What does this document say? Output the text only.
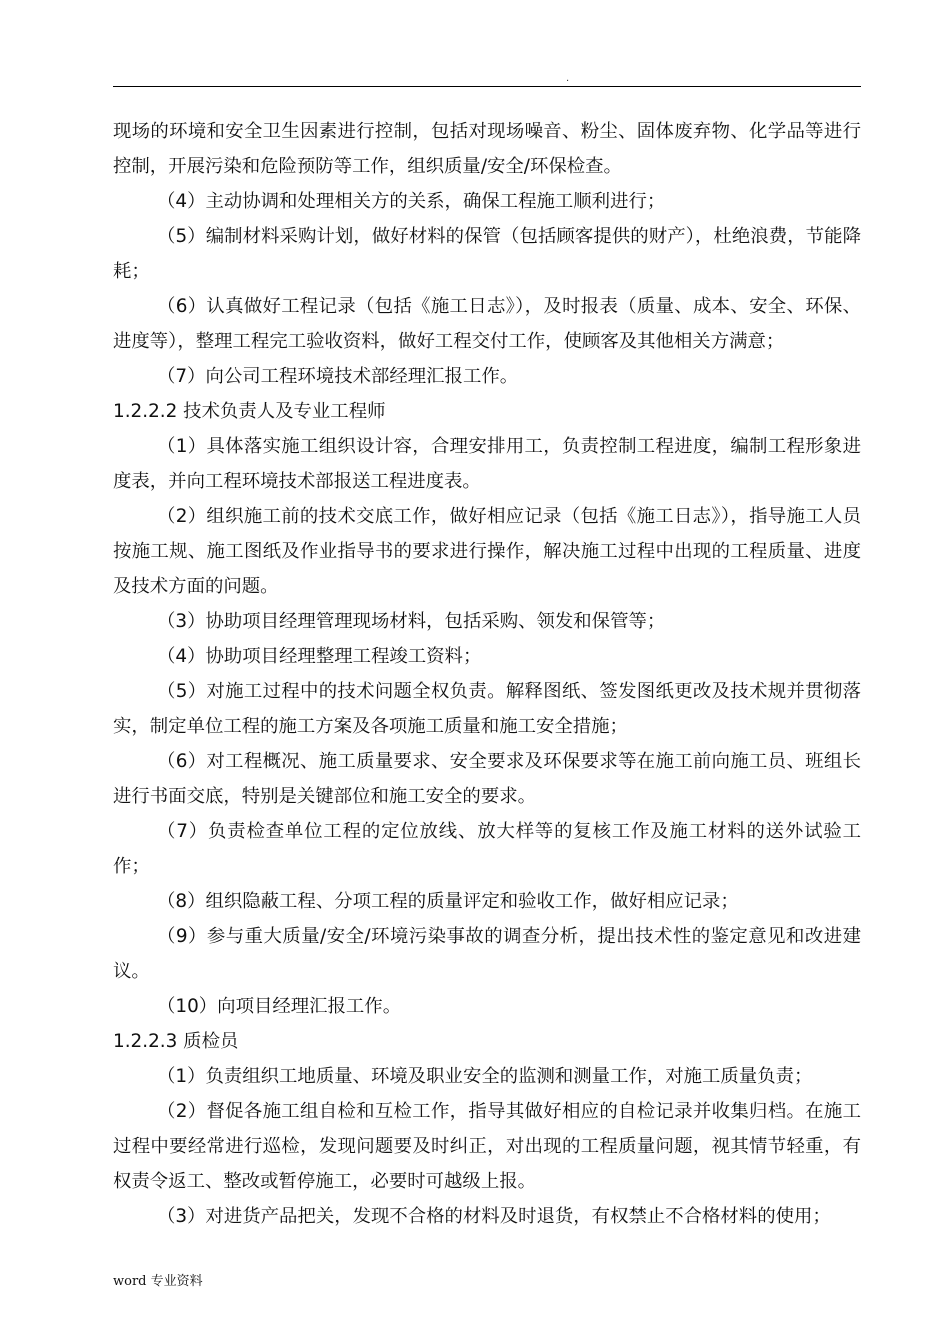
.
现场的环境和安全卫生因素进行控制，包括对现场噪音、粉尘、固体废弃物、化学品等进行控制，开展污染和危险预防等工作，组织质量/安全/环保检查。
（4）主动协调和处理相关方的关系，确保工程施工顺利进行；
（5）编制材料采购计划，做好材料的保管（包括顾客提供的财产），杜绝浪费，节能降耗；
（6）认真做好工程记录（包括《施工日志》），及时报表（质量、成本、安全、环保、进度等），整理工程完工验收资料，做好工程交付工作，使顾客及其他相关方满意；
（7）向公司工程环境技术部经理汇报工作。
1.2.2.2 技术负责人及专业工程师
（1）具体落实施工组织设计容，合理安排用工，负责控制工程进度，编制工程形象进度表，并向工程环境技术部报送工程进度表。
（2）组织施工前的技术交底工作，做好相应记录（包括《施工日志》），指导施工人员按施工规、施工图纸及作业指导书的要求进行操作，解决施工过程中出现的工程质量、进度及技术方面的问题。
（3）协助项目经理管理现场材料，包括采购、领发和保管等；
（4）协助项目经理整理工程竣工资料；
（5）对施工过程中的技术问题全权负责。解释图纸、签发图纸更改及技术规并贯彻落实，制定单位工程的施工方案及各项施工质量和施工安全措施；
（6）对工程概况、施工质量要求、安全要求及环保要求等在施工前向施工员、班组长进行书面交底，特别是关键部位和施工安全的要求。
（7）负责检查单位工程的定位放线、放大样等的复核工作及施工材料的送外试验工作；
（8）组织隐蔽工程、分项工程的质量评定和验收工作，做好相应记录；
（9）参与重大质量/安全/环境污染事故的调查分析，提出技术性的鉴定意见和改进建议。
（10）向项目经理汇报工作。
1.2.2.3 质检员
（1）负责组织工地质量、环境及职业安全的监测和测量工作，对施工质量负责；
（2）督促各施工组自检和互检工作，指导其做好相应的自检记录并收集归档。在施工过程中要经常进行巡检，发现问题要及时纠正，对出现的工程质量问题，视其情节轻重，有权责令返工、整改或暂停施工，必要时可越级上报。
（3）对进货产品把关，发现不合格的材料及时退货，有权禁止不合格材料的使用；
word 专业资料
